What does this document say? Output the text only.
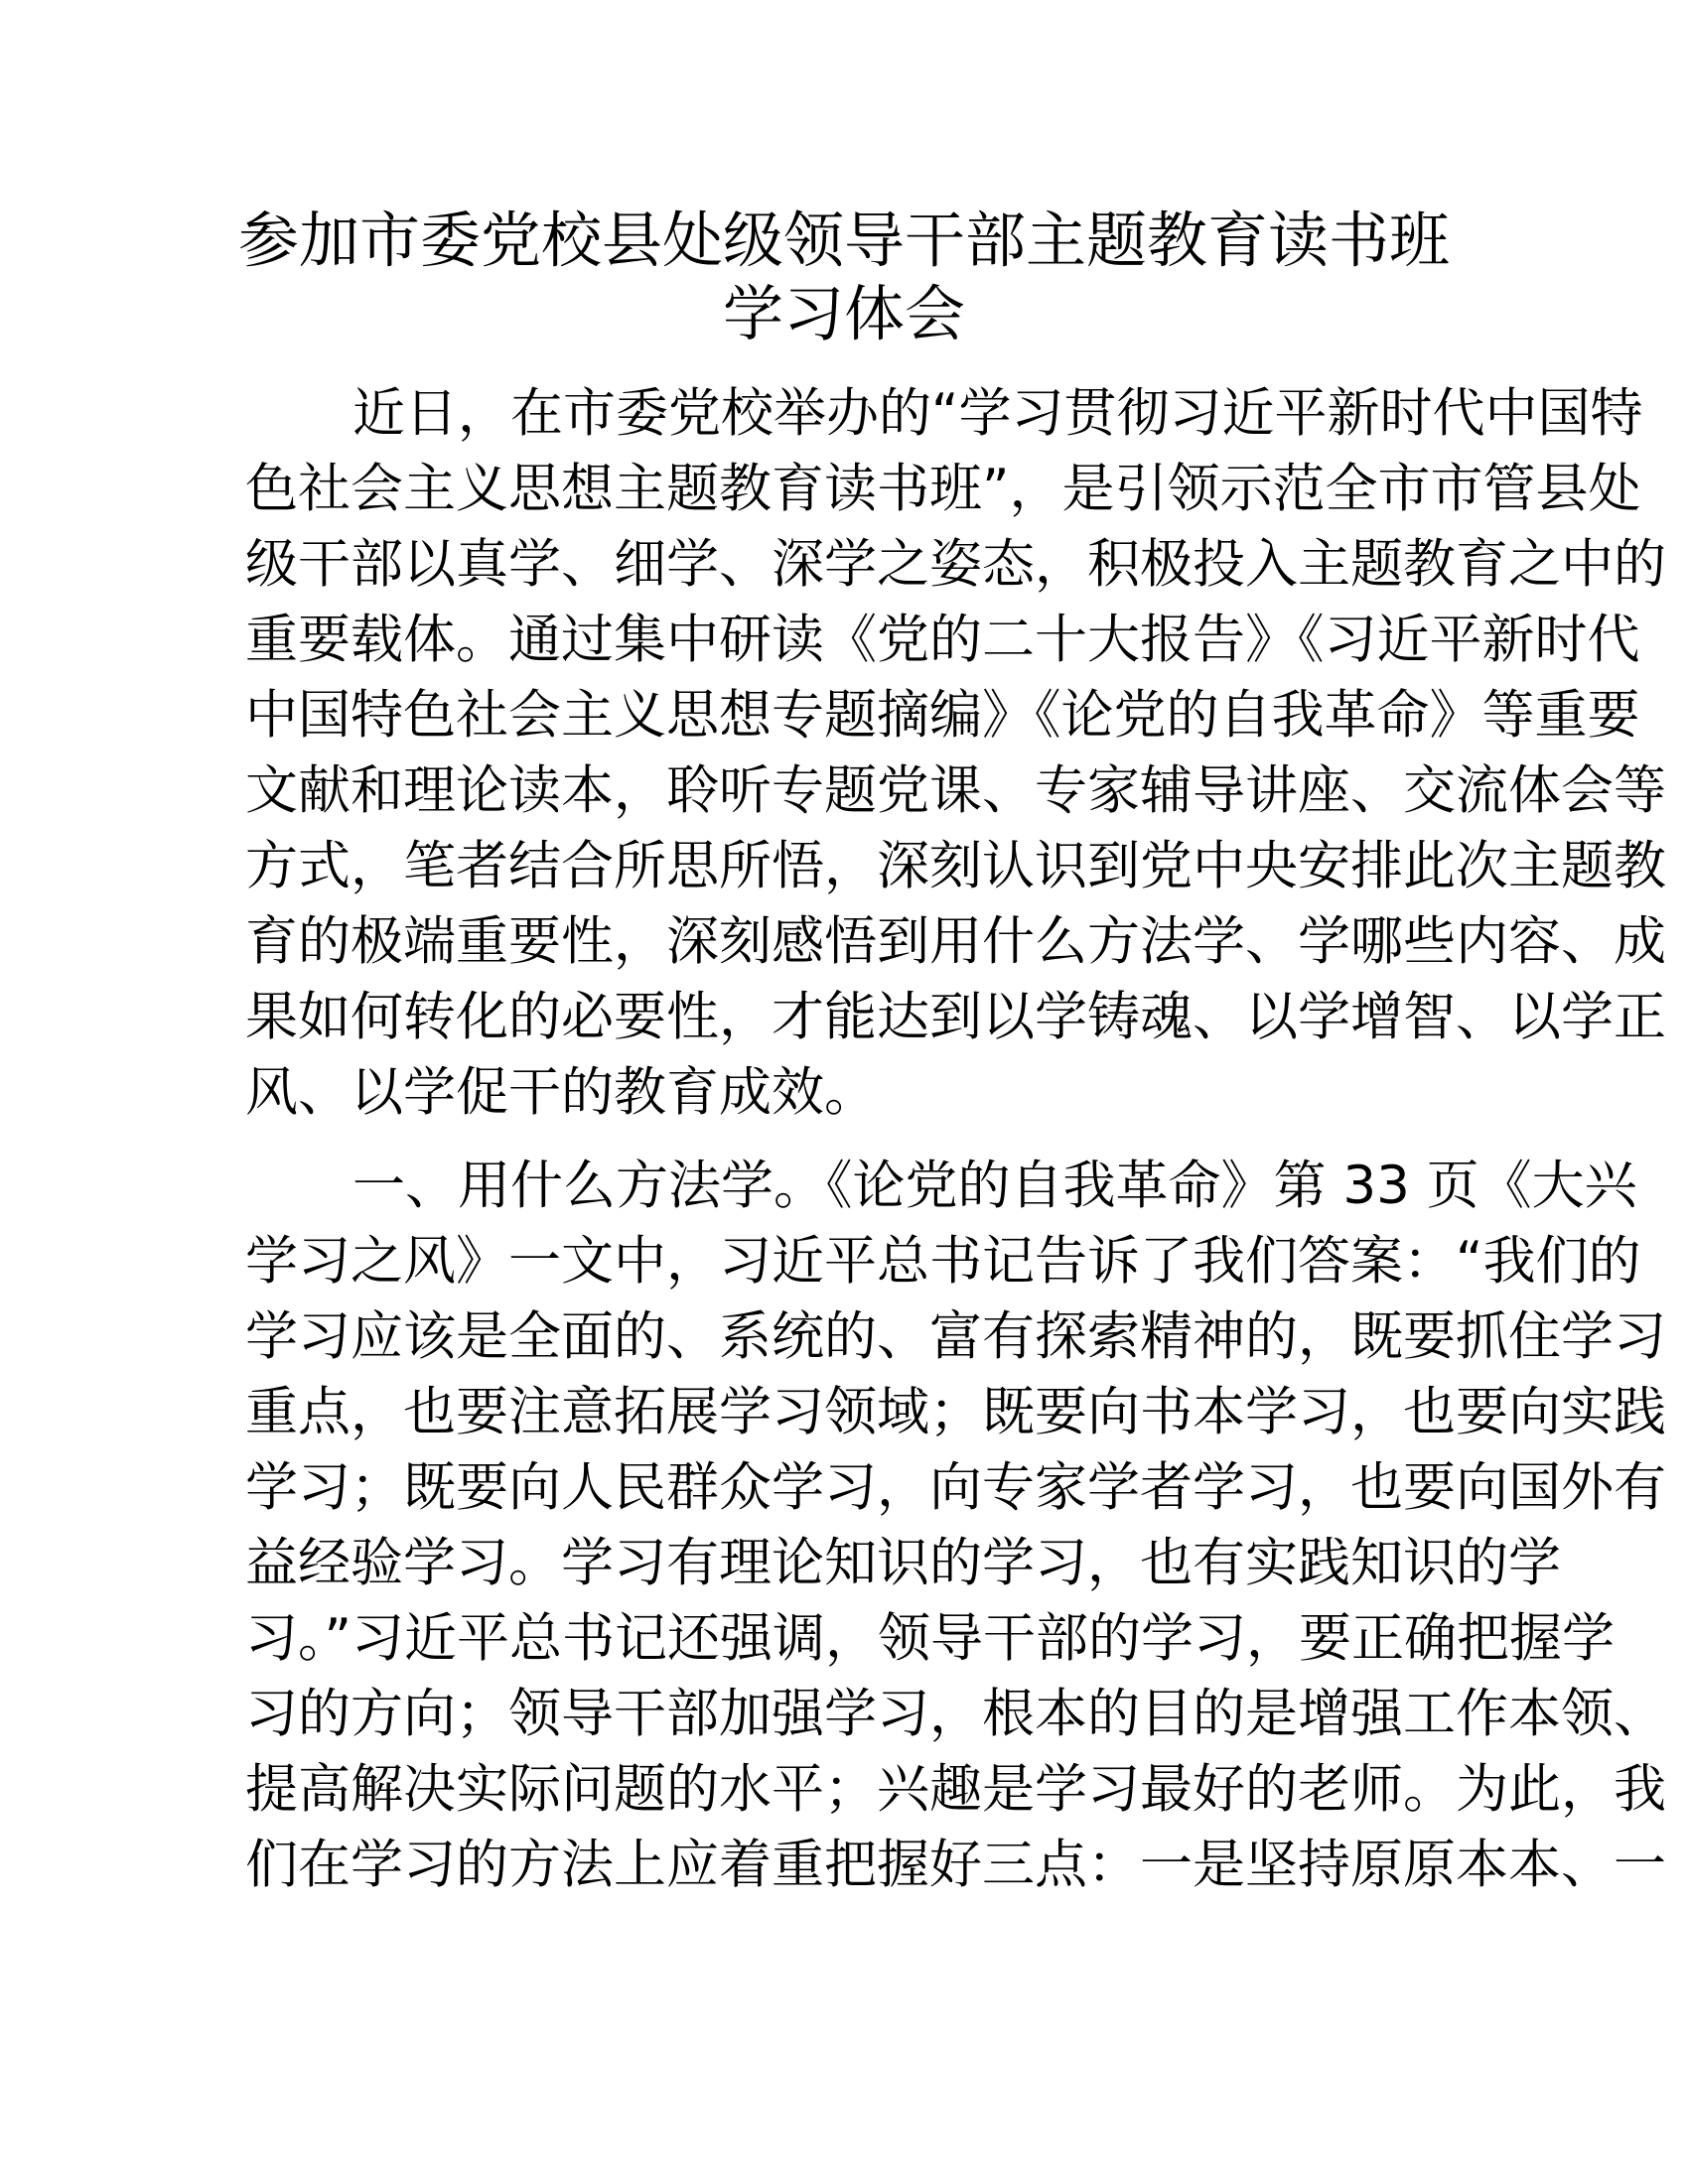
参加市委党校县处级领导干部主题教育读书班
学习体会
近日，在市委党校举办的“学习贯彻习近平新时代中国特
色社会主义思想主题教育读书班”，是引领示范全市市管县处
级干部以真学、细学、深学之姿态，积极投入主题教育之中的
重要载体。通过集中研读《党的二十大报告》《习近平新时代
中国特色社会主义思想专题摘编》《论党的自我革命》等重要
文献和理论读本，聆听专题党课、专家辅导讲座、交流体会等
方式，笔者结合所思所悟，深刻认识到党中央安排此次主题教
育的极端重要性，深刻感悟到用什么方法学、学哪些内容、成
果如何转化的必要性，才能达到以学铸魂、以学增智、以学正
风、以学促干的教育成效。
一、用什么方法学。《论党的自我革命》第 33 页《大兴
学习之风》一文中，习近平总书记告诉了我们答案：“我们的
学习应该是全面的、系统的、富有探索精神的，既要抓住学习
重点，也要注意拓展学习领域；既要向书本学习，也要向实践
学习；既要向人民群众学习，向专家学者学习，也要向国外有
益经验学习。学习有理论知识的学习，也有实践知识的学
习。”习近平总书记还强调，领导干部的学习，要正确把握学
习的方向；领导干部加强学习，根本的目的是增强工作本领、
提高解决实际问题的水平；兴趣是学习最好的老师。为此，我
们在学习的方法上应着重把握好三点：一是坚持原原本本、一
